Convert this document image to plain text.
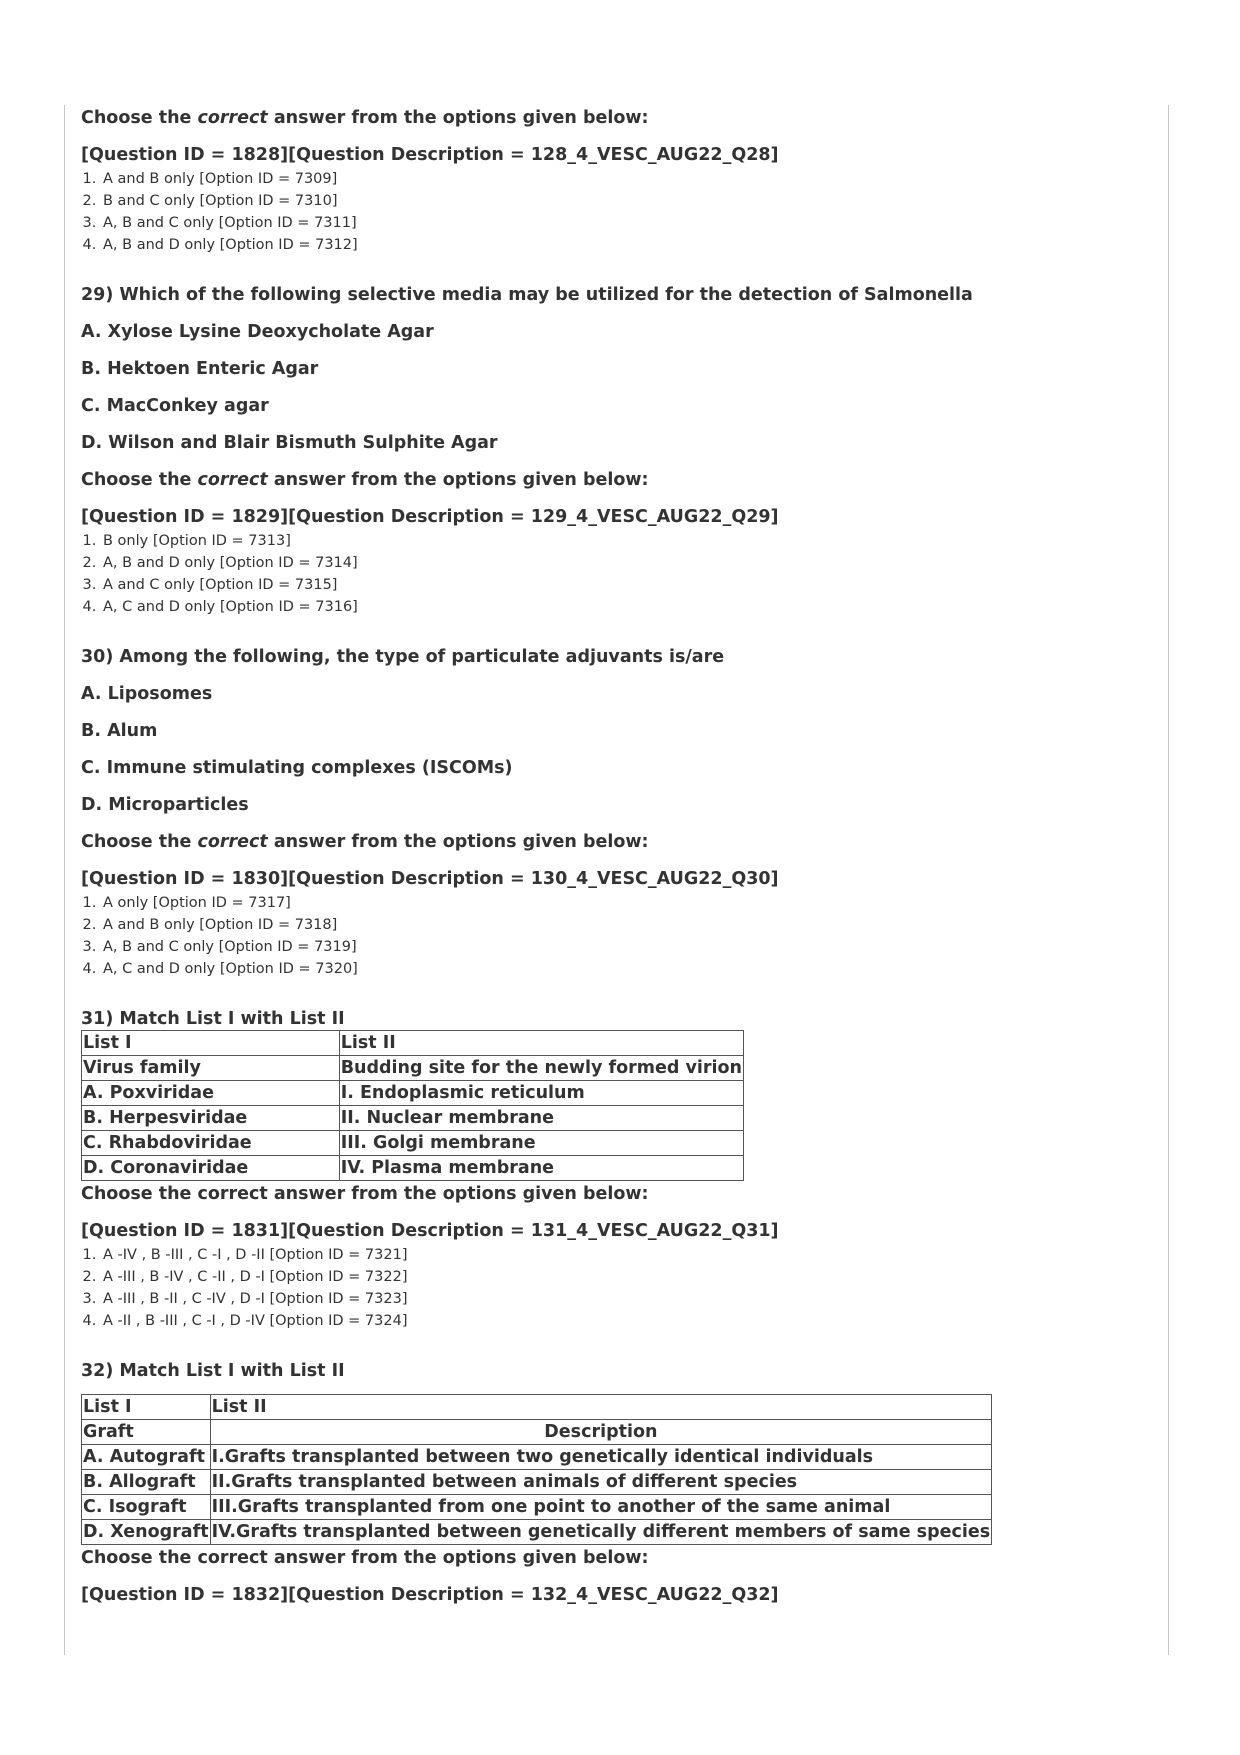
Choose the correct answer from the options given below:
[Question ID = 1828][Question Description = 128_4_VESC_AUG22_Q28]
1. A and B only [Option ID = 7309]
2. B and C only [Option ID = 7310]
3. A, B and C only [Option ID = 7311]
4. A, B and D only [Option ID = 7312]
29) Which of the following selective media may be utilized for the detection of Salmonella
A. Xylose Lysine Deoxycholate Agar
B. Hektoen Enteric Agar
C. MacConkey agar
D. Wilson and Blair Bismuth Sulphite Agar
Choose the correct answer from the options given below:
[Question ID = 1829][Question Description = 129_4_VESC_AUG22_Q29]
1. B only [Option ID = 7313]
2. A, B and D only [Option ID = 7314]
3. A and C only [Option ID = 7315]
4. A, C and D only [Option ID = 7316]
30) Among the following, the type of particulate adjuvants is/are
A. Liposomes
B. Alum
C. Immune stimulating complexes (ISCOMs)
D. Microparticles
Choose the correct answer from the options given below:
[Question ID = 1830][Question Description = 130_4_VESC_AUG22_Q30]
1. A only [Option ID = 7317]
2. A and B only [Option ID = 7318]
3. A, B and C only [Option ID = 7319]
4. A, C and D only [Option ID = 7320]
31) Match List I with List II
List I	List II
Virus family	Budding site for the newly formed virion
A. Poxviridae	I. Endoplasmic reticulum
B. Herpesviridae	II. Nuclear membrane
C. Rhabdoviridae	III. Golgi membrane
D. Coronaviridae	IV. Plasma membrane
Choose the correct answer from the options given below:
[Question ID = 1831][Question Description = 131_4_VESC_AUG22_Q31]
1. A -IV , B -III , C -I , D -II [Option ID = 7321]
2. A -III , B -IV , C -II , D -I [Option ID = 7322]
3. A -III , B -II , C -IV , D -I [Option ID = 7323]
4. A -II , B -III , C -I , D -IV [Option ID = 7324]
32) Match List I with List II
List I	List II
Graft	Description
A. Autograft	I.Grafts transplanted between two genetically identical individuals
B. Allograft	II.Grafts transplanted between animals of different species
C. Isograft	III.Grafts transplanted from one point to another of the same animal
D. Xenograft	IV.Grafts transplanted between genetically different members of same species
Choose the correct answer from the options given below:
[Question ID = 1832][Question Description = 132_4_VESC_AUG22_Q32]
